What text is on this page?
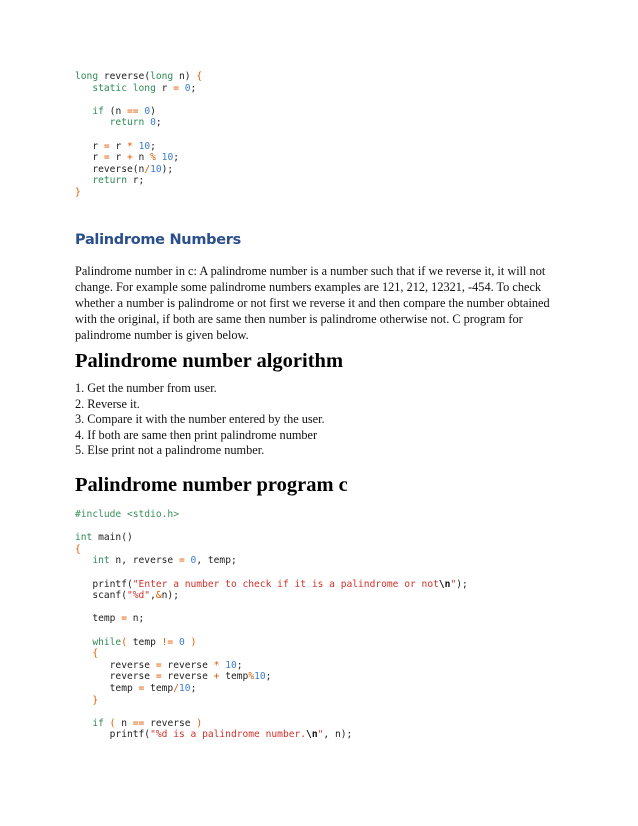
long reverse(long n) {
static long r = 0;
if (n == 0)
return 0;
r = r * 10;
r = r + n % 10;
reverse(n/10);
return r;
}
Palindrome Numbers
Palindrome number in c: A palindrome number is a number such that if we reverse it, it will not
change. For example some palindrome numbers examples are 121, 212, 12321, -454. To check
whether a number is palindrome or not first we reverse it and then compare the number obtained
with the original, if both are same then number is palindrome otherwise not. C program for
palindrome number is given below.
Palindrome number algorithm
1. Get the number from user.
2. Reverse it.
3. Compare it with the number entered by the user.
4. If both are same then print palindrome number
5. Else print not a palindrome number.
Palindrome number program c
#include <stdio.h>
int main()
{
int n, reverse = 0, temp;
printf("Enter a number to check if it is a palindrome or not\n");
scanf("%d",&n);
temp = n;
while( temp != 0 )
{
reverse = reverse * 10;
reverse = reverse + temp%10;
temp = temp/10;
}
if ( n == reverse )
printf("%d is a palindrome number.\n", n);
